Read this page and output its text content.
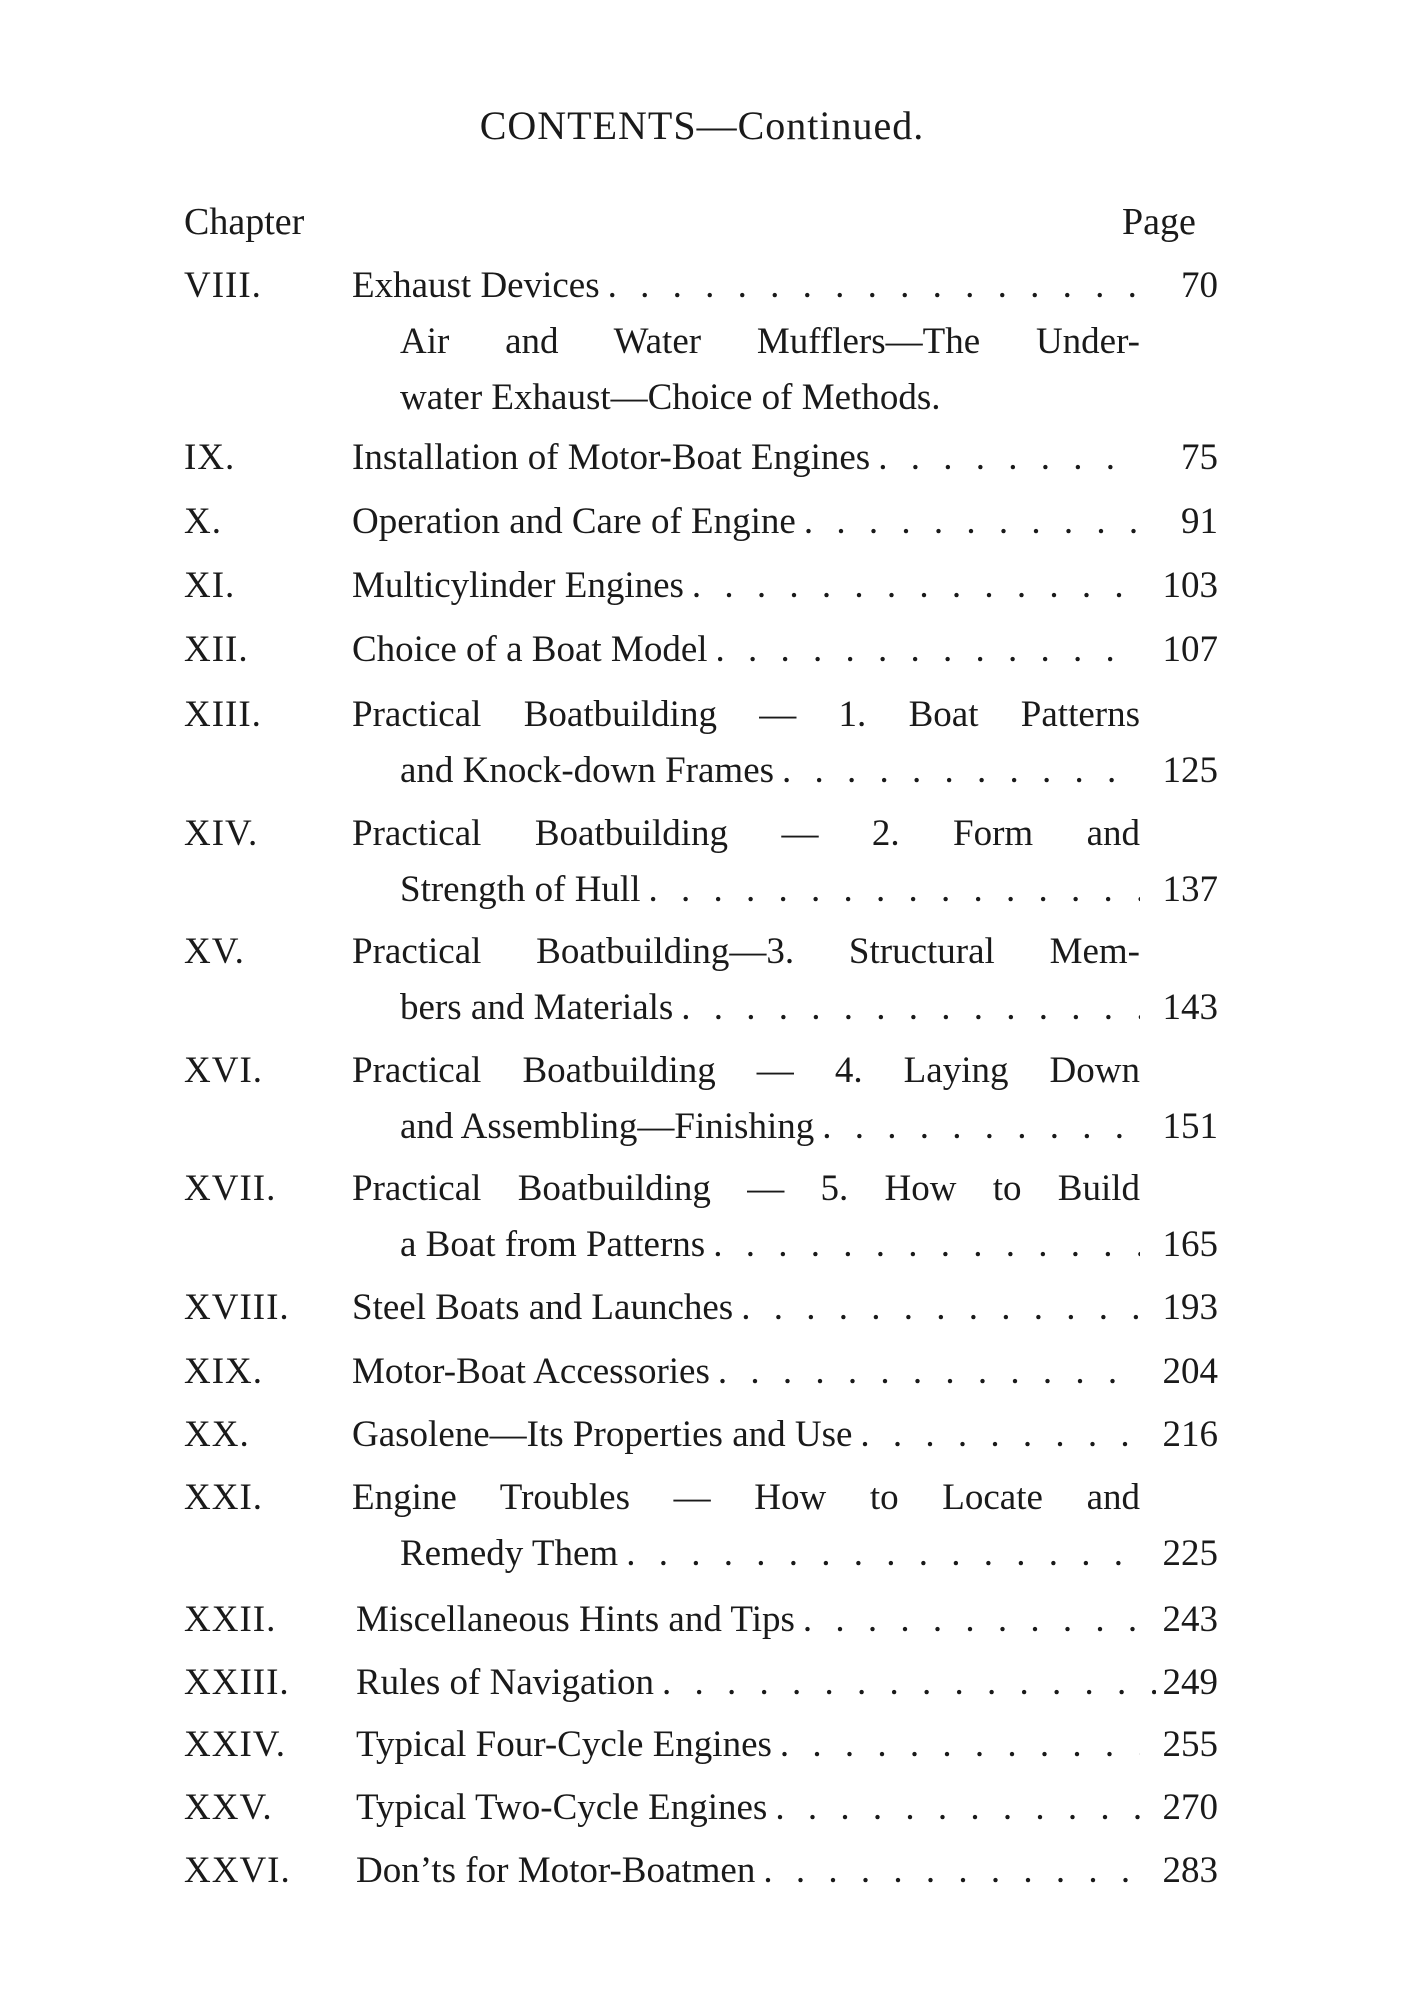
CONTENTS—Continued.
Chapter	Page
VIII. Exhaust Devices . . .	70
Air and Water Mufflers—The Under-
water Exhaust—Choice of Methods.
IX.	Installation of Motor-Boat Engines . . .	75
X.	Operation and Care of Engine . . .	91
XI.	Multicylinder Engines . . .	103
XII.	Choice of a Boat Model . . .	107
XIII. Practical Boatbuilding — 1. Boat Patterns
and Knock-down Frames . . .	125
XIV.	Practical Boatbuilding — 2. Form and
Strength of Hull . . .	137
XV.	Practical Boatbuilding—3. Structural Mem-
bers and Materials . . .	143
XVI. Practical Boatbuilding — 4. Laying Down
and Assembling—Finishing . . .	151
XVII. Practical Boatbuilding — 5. How to Build
a Boat from Patterns . . .	165
XVIII. Steel Boats and Launches . . .	193
XIX. Motor-Boat Accessories . . .	204
XX.	Gasolene—Its Properties and Use . . .	216
XXI. Engine Troubles — How to Locate and
Remedy Them . . .	225
XXII. Miscellaneous Hints and Tips . . .	243
XXIII. Rules of Navigation . . .	249
XXIV. Typical Four-Cycle Engines . . .	255
XXV. Typical Two-Cycle Engines . . .	270
XXVI. Don’ts for Motor-Boatmen . . .	283
